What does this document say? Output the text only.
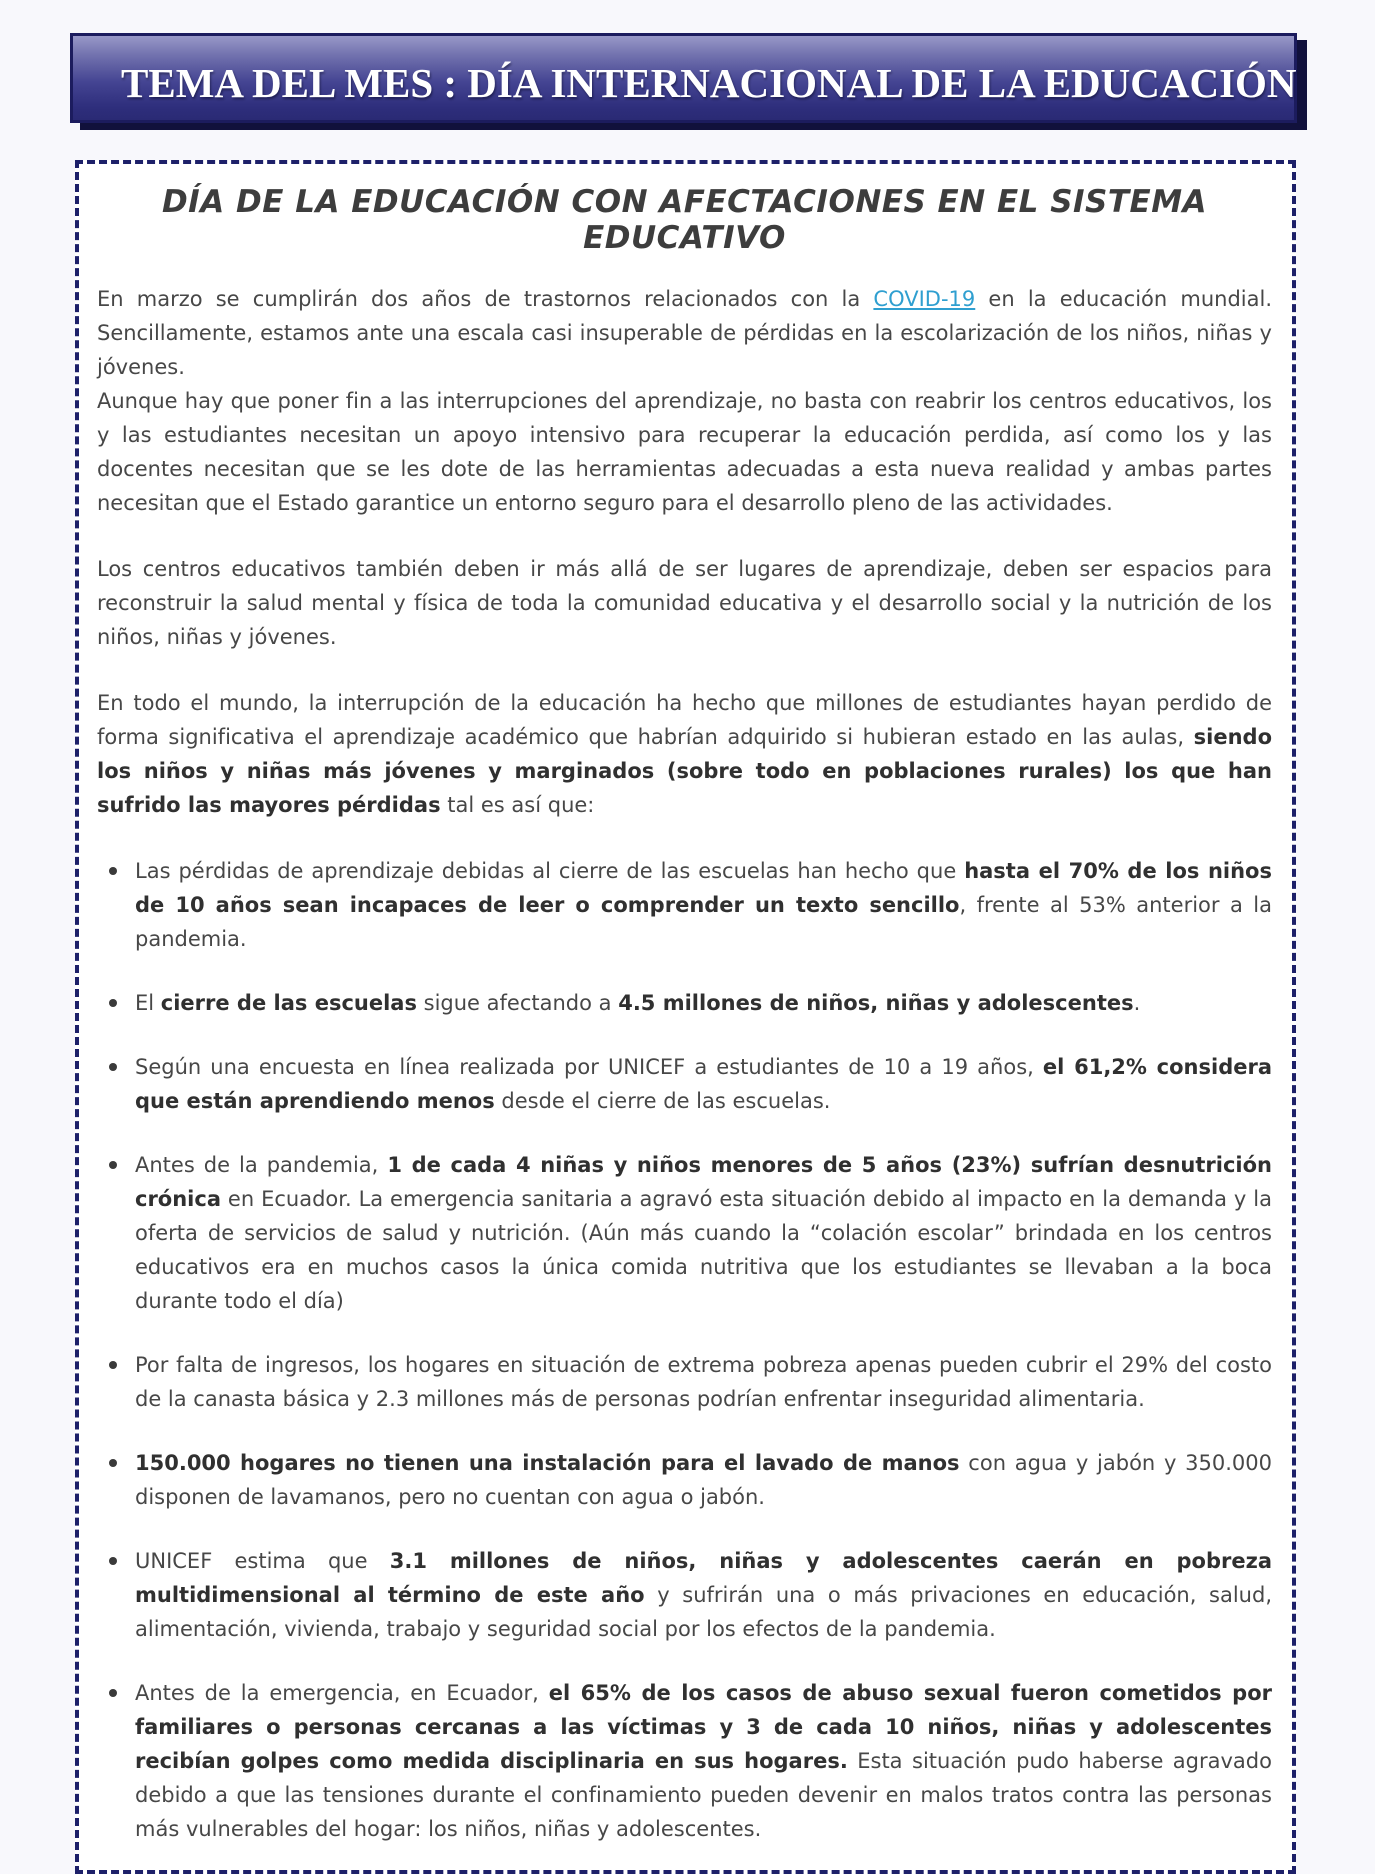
TEMA DEL MES : DÍA INTERNACIONAL DE LA EDUCACIÓN
DÍA DE LA EDUCACIÓN CON AFECTACIONES EN EL SISTEMA EDUCATIVO

En marzo se cumplirán dos años de trastornos relacionados con la COVID-19 en la educación mundial. Sencillamente, estamos ante una escala casi insuperable de pérdidas en la escolarización de los niños, niñas y jóvenes.

Aunque hay que poner fin a las interrupciones del aprendizaje, no basta con reabrir los centros educativos, los y las estudiantes necesitan un apoyo intensivo para recuperar la educación perdida, así como los y las docentes necesitan que se les dote de las herramientas adecuadas a esta nueva realidad y ambas partes necesitan que el Estado garantice un entorno seguro para el desarrollo pleno de las actividades.

Los centros educativos también deben ir más allá de ser lugares de aprendizaje, deben ser espacios para reconstruir la salud mental y física de toda la comunidad educativa y el desarrollo social y la nutrición de los niños, niñas y jóvenes.

En todo el mundo, la interrupción de la educación ha hecho que millones de estudiantes hayan perdido de forma significativa el aprendizaje académico que habrían adquirido si hubieran estado en las aulas, siendo los niños y niñas más jóvenes y marginados (sobre todo en poblaciones rurales) los que han sufrido las mayores pérdidas tal es así que:

Las pérdidas de aprendizaje debidas al cierre de las escuelas han hecho que hasta el 70% de los niños de 10 años sean incapaces de leer o comprender un texto sencillo, frente al 53% anterior a la pandemia.
El cierre de las escuelas sigue afectando a 4.5 millones de niños, niñas y adolescentes.
Según una encuesta en línea realizada por UNICEF a estudiantes de 10 a 19 años, el 61,2% considera que están aprendiendo menos desde el cierre de las escuelas.
Antes de la pandemia, 1 de cada 4 niñas y niños menores de 5 años (23%) sufrían desnutrición crónica en Ecuador. La emergencia sanitaria a agravó esta situación debido al impacto en la demanda y la oferta de servicios de salud y nutrición. (Aún más cuando la “colación escolar” brindada en los centros educativos era en muchos casos la única comida nutritiva que los estudiantes se llevaban a la boca durante todo el día)
Por falta de ingresos, los hogares en situación de extrema pobreza apenas pueden cubrir el 29% del costo de la canasta básica y 2.3 millones más de personas podrían enfrentar inseguridad alimentaria.
150.000 hogares no tienen una instalación para el lavado de manos con agua y jabón y 350.000 disponen de lavamanos, pero no cuentan con agua o jabón.
UNICEF estima que 3.1 millones de niños, niñas y adolescentes caerán en pobreza multidimensional al término de este año y sufrirán una o más privaciones en educación, salud, alimentación, vivienda, trabajo y seguridad social por los efectos de la pandemia.
Antes de la emergencia, en Ecuador, el 65% de los casos de abuso sexual fueron cometidos por familiares o personas cercanas a las víctimas y 3 de cada 10 niños, niñas y adolescentes recibían golpes como medida disciplinaria en sus hogares. Esta situación pudo haberse agravado debido a que las tensiones durante el confinamiento pueden devenir en malos tratos contra las personas más vulnerables del hogar: los niños, niñas y adolescentes.
